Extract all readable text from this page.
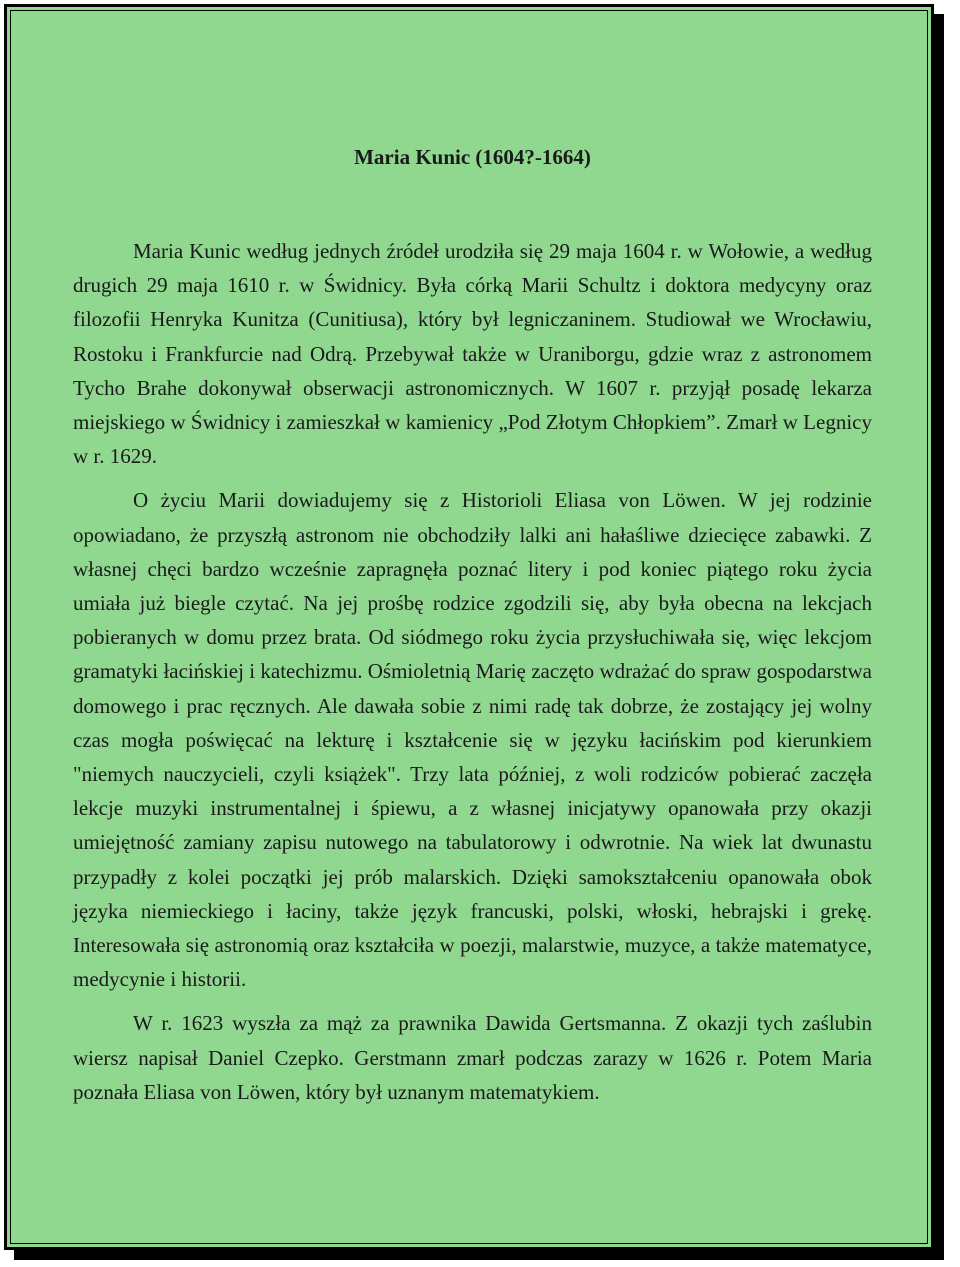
Maria Kunic (1604?-1664)

Maria Kunic według jednych źródeł urodziła się 29 maja 1604 r. w Wołowie, a według drugich 29 maja 1610 r. w Świdnicy. Była córką Marii Schultz i doktora medycyny oraz filozofii Henryka Kunitza (Cunitiusa), który był legniczaninem. Studiował we Wrocławiu, Rostoku i Frankfurcie nad Odrą. Przebywał także w Uraniborgu, gdzie wraz z astronomem Tycho Brahe dokonywał obserwacji astronomicznych. W 1607 r. przyjął posadę lekarza miejskiego w Świdnicy i zamieszkał w kamienicy „Pod Złotym Chłopkiem”. Zmarł w Legnicy w r. 1629.

O życiu Marii dowiadujemy się z Historioli Eliasa von Löwen. W jej rodzinie opowiadano, że przyszłą astronom nie obchodziły lalki ani hałaśliwe dziecięce zabawki. Z własnej chęci bardzo wcześnie zapragnęła poznać litery i pod koniec piątego roku życia umiała już biegle czytać. Na jej prośbę rodzice zgodzili się, aby była obecna na lekcjach pobieranych w domu przez brata. Od siódmego roku życia przysłuchiwała się, więc lekcjom gramatyki łacińskiej i katechizmu. Ośmioletnią Marię zaczęto wdrażać do spraw gospodarstwa domowego i prac ręcznych. Ale dawała sobie z nimi radę tak dobrze, że zostający jej wolny czas mogła poświęcać na lekturę i kształcenie się w języku łacińskim pod kierunkiem "niemych nauczycieli, czyli książek". Trzy lata później, z woli rodziców pobierać zaczęła lekcje muzyki instrumentalnej i śpiewu, a z własnej inicjatywy opanowała przy okazji umiejętność zamiany zapisu nutowego na tabulatorowy i odwrotnie. Na wiek lat dwunastu przypadły z kolei początki jej prób malarskich. Dzięki samokształceniu opanowała obok języka niemieckiego i łaciny, także język francuski, polski, włoski, hebrajski i grekę. Interesowała się astronomią oraz kształciła w poezji, malarstwie, muzyce, a także matematyce, medycynie i historii.

W r. 1623 wyszła za mąż za prawnika Dawida Gertsmanna. Z okazji tych zaślubin wiersz napisał Daniel Czepko. Gerstmann zmarł podczas zarazy w 1626 r. Potem Maria poznała Eliasa von Löwen, który był uznanym matematykiem.
